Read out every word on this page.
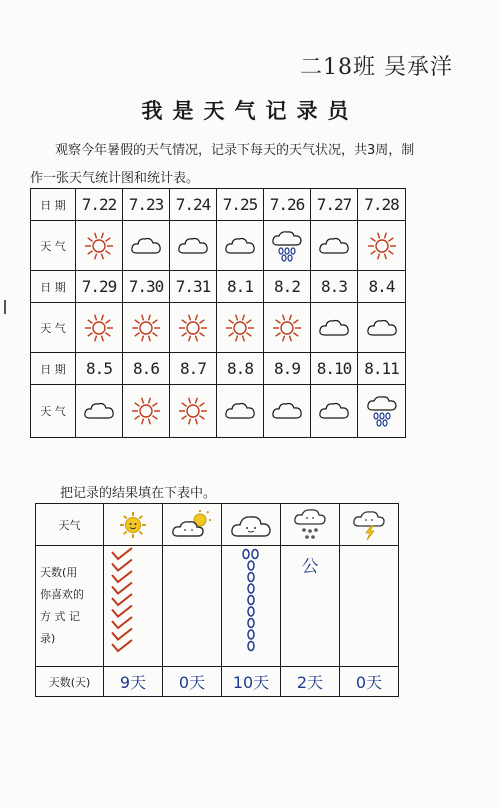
二18班 吴承洋
我是天气记录员
观察今年暑假的天气情况，记录下每天的天气状况，共3周，制
作一张天气统计图和统计表。
日 期	7.22	7.23	7.24	7.25	7.26	7.27	7.28
天 气	

日 期	7.29	7.30	7.31	8.1	8.2	8.3	8.4
天 气	

日 期	8.5	8.6	8.7	8.8	8.9	8.10	8.11
天 气	

把记录的结果填在下表中。
天气	

天数(用
你喜欢的
方 式 记
录)				公	
天数(天)	9天	0天	10天	2天	0天
